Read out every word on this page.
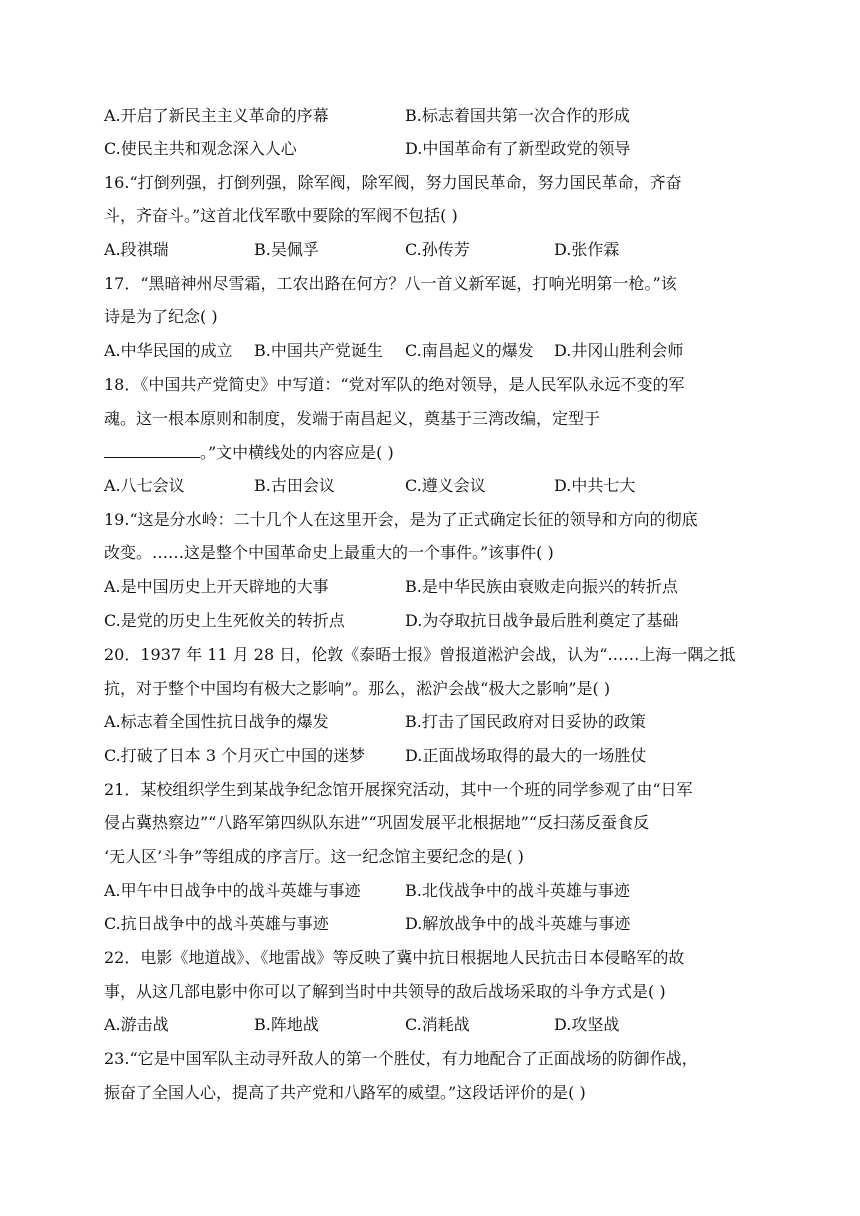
A.开启了新民主主义革命的序幕	B.标志着国共第一次合作的形成
C.使民主共和观念深入人心	D.中国革命有了新型政党的领导
16.“打倒列强，打倒列强，除军阀，除军阀，努力国民革命，努力国民革命，齐奋
斗，齐奋斗。”这首北伐军歌中要除的军阀不包括( )
A.段祺瑞	B.吴佩孚	C.孙传芳	D.张作霖
17．“黑暗神州尽雪霜，工农出路在何方？八一首义新军诞，打响光明第一枪。”该
诗是为了纪念( )
A.中华民国的成立 B.中国共产党诞生 C.南昌起义的爆发 D.井冈山胜利会师
18．《中国共产党简史》中写道：“党对军队的绝对领导，是人民军队永远不变的军
魂。这一根本原则和制度，发端于南昌起义，奠基于三湾改编，定型于
。”文中横线处的内容应是( )
A.八七会议	B.古田会议	C.遵义会议	D.中共七大
19.“这是分水岭：二十几个人在这里开会，是为了正式确定长征的领导和方向的彻底
改变。……这是整个中国革命史上最重大的一个事件。”该事件( )
A.是中国历史上开天辟地的大事	B.是中华民族由衰败走向振兴的转折点
C.是党的历史上生死攸关的转折点	D.为夺取抗日战争最后胜利奠定了基础
20．1937 年 11 月 28 日，伦敦《泰晤士报》曾报道淞沪会战，认为“……上海一隅之抵
抗，对于整个中国均有极大之影响”。那么，淞沪会战“极大之影响”是( )
A.标志着全国性抗日战争的爆发	B.打击了国民政府对日妥协的政策
C.打破了日本 3 个月灭亡中国的迷梦 D.正面战场取得的最大的一场胜仗
21．某校组织学生到某战争纪念馆开展探究活动，其中一个班的同学参观了由“日军
侵占冀热察边”“八路军第四纵队东进”“巩固发展平北根据地”“反扫荡反蚕食反
‘无人区’斗争”等组成的序言厅。这一纪念馆主要纪念的是( )
A.甲午中日战争中的战斗英雄与事迹	B.北伐战争中的战斗英雄与事迹
C.抗日战争中的战斗英雄与事迹	D.解放战争中的战斗英雄与事迹
22．电影《地道战》、《地雷战》等反映了冀中抗日根据地人民抗击日本侵略军的故
事，从这几部电影中你可以了解到当时中共领导的敌后战场采取的斗争方式是( )
A.游击战	B.阵地战	C.消耗战	D.攻坚战
23.“它是中国军队主动寻歼敌人的第一个胜仗，有力地配合了正面战场的防御作战，
振奋了全国人心，提高了共产党和八路军的威望。”这段话评价的是( )
